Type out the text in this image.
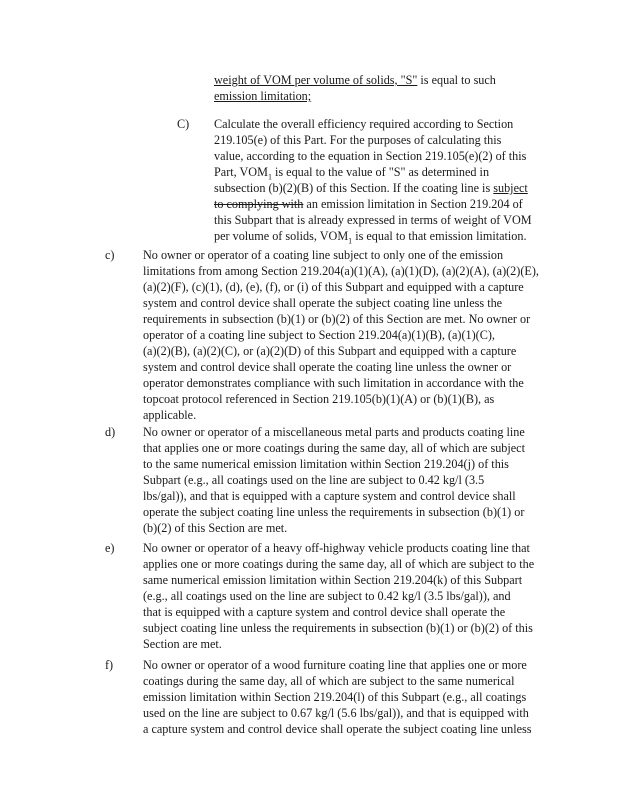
weight of VOM per volume of solids, "S" is equal to such
emission limitation;
C)	Calculate the overall efficiency required according to Section
219.105(e) of this Part. For the purposes of calculating this
value, according to the equation in Section 219.105(e)(2) of this
Part, $VOM_1$ is equal to the value of "S" as determined in
subsection (b)(2)(B) of this Section. If the coating line is subject
to complying with an emission limitation in Section 219.204 of
this Subpart that is already expressed in terms of weight of VOM
per volume of solids, $VOM_1$ is equal to that emission limitation.
c)	No owner or operator of a coating line subject to only one of the emission
limitations from among Section 219.204(a)(1)(A), (a)(1)(D), (a)(2)(A), (a)(2)(E),
(a)(2)(F), (c)(1), (d), (e), (f), or (i) of this Subpart and equipped with a capture
system and control device shall operate the subject coating line unless the
requirements in subsection (b)(1) or (b)(2) of this Section are met. No owner or
operator of a coating line subject to Section 219.204(a)(1)(B), (a)(1)(C),
(a)(2)(B), (a)(2)(C), or (a)(2)(D) of this Subpart and equipped with a capture
system and control device shall operate the coating line unless the owner or
operator demonstrates compliance with such limitation in accordance with the
topcoat protocol referenced in Section 219.105(b)(1)(A) or (b)(1)(B), as
applicable.
d)	No owner or operator of a miscellaneous metal parts and products coating line
that applies one or more coatings during the same day, all of which are subject
to the same numerical emission limitation within Section 219.204(j) of this
Subpart (e.g., all coatings used on the line are subject to 0.42 kg/l (3.5
lbs/gal)), and that is equipped with a capture system and control device shall
operate the subject coating line unless the requirements in subsection (b)(1) or
(b)(2) of this Section are met.
e)	No owner or operator of a heavy off-highway vehicle products coating line that
applies one or more coatings during the same day, all of which are subject to the
same numerical emission limitation within Section 219.204(k) of this Subpart
(e.g., all coatings used on the line are subject to 0.42 kg/l (3.5 lbs/gal)), and
that is equipped with a capture system and control device shall operate the
subject coating line unless the requirements in subsection (b)(1) or (b)(2) of this
Section are met.
f)	No owner or operator of a wood furniture coating line that applies one or more
coatings during the same day, all of which are subject to the same numerical
emission limitation within Section 219.204(l) of this Subpart (e.g., all coatings
used on the line are subject to 0.67 kg/l (5.6 lbs/gal)), and that is equipped with
a capture system and control device shall operate the subject coating line unless
